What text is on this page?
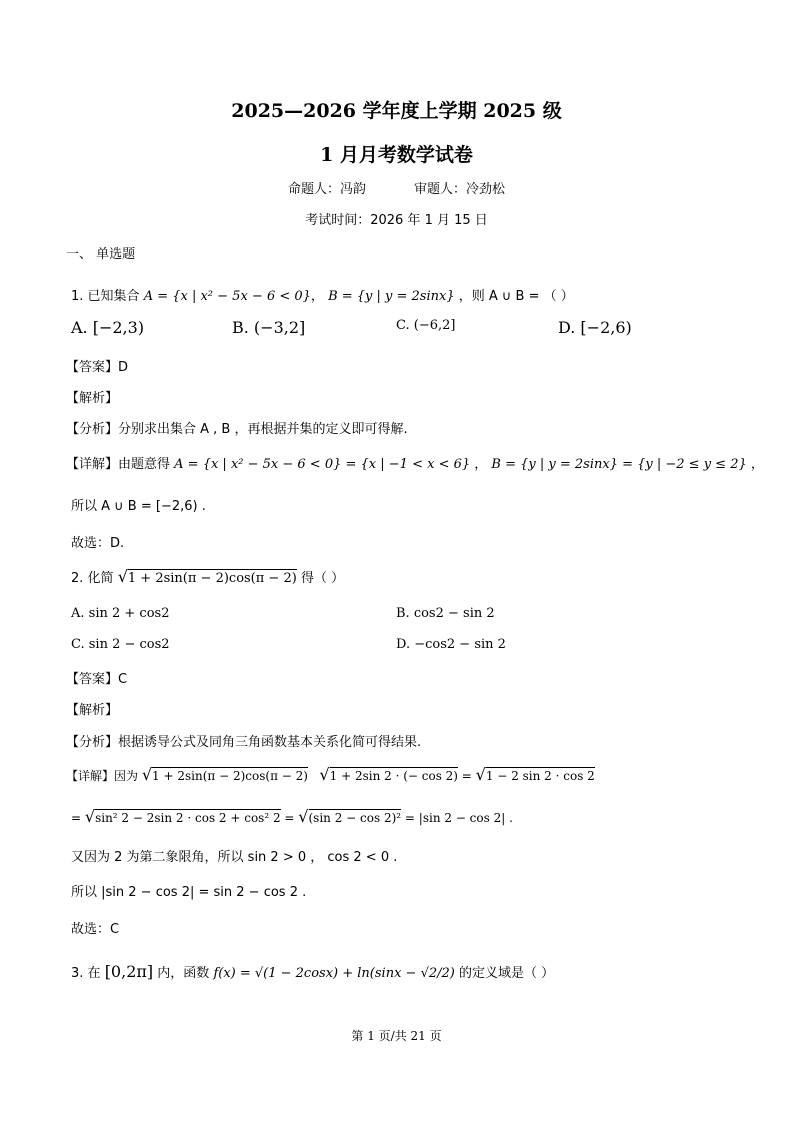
2025—2026 学年度上学期 2025 级
1 月月考数学试卷
命题人：冯韵	审题人：冷劲松
考试时间：2026 年 1 月 15 日
一、 单选题
1. 已知集合 A = {x | x² − 5x − 6 < 0}， B = {y | y = 2sinx} ，则 A ∪ B = （ ）
A. [−2,3)	B. (−3,2]	C. (−6,2]	D. [−2,6)
【答案】D
【解析】
【分析】分别求出集合 A , B ，再根据并集的定义即可得解.
【详解】由题意得 A = {x | x² − 5x − 6 < 0} = {x | −1 < x < 6} ， B = {y | y = 2sinx} = {y | −2 ≤ y ≤ 2} ，
所以 A ∪ B = [−2,6) .
故选：D.
2. 化简 √1 + 2sin(π − 2)cos(π − 2) 得（ ）
A. sin 2 + cos2	B. cos2 − sin 2
C. sin 2 − cos2	D. −cos2 − sin 2
【答案】C
【解析】
【分析】根据诱导公式及同角三角函数基本关系化简可得结果.
【详解】因为 √1 + 2sin(π − 2)cos(π − 2) √1 + 2sin 2 · (− cos 2) = √1 − 2 sin 2 · cos 2
= √sin² 2 − 2sin 2 · cos 2 + cos² 2 = √(sin 2 − cos 2)² = |sin 2 − cos 2| .
又因为 2 为第二象限角，所以 sin 2 > 0 ， cos 2 < 0 .
所以 |sin 2 − cos 2| = sin 2 − cos 2 .
故选：C
3. 在 [0,2π] 内，函数 f(x) = √(1 − 2cosx) + ln(sinx − √2/2) 的定义域是（ ）
第 1 页/共 21 页
